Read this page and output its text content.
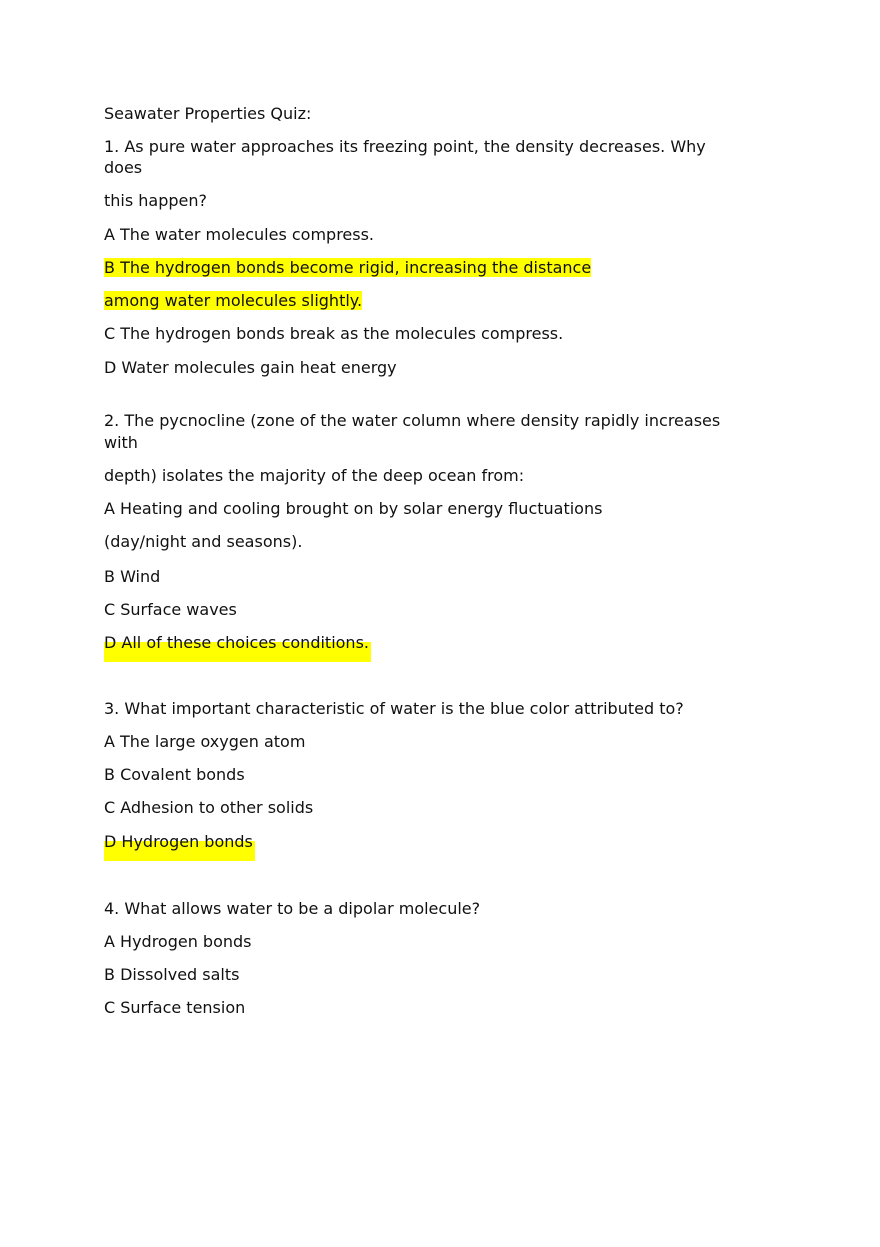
Seawater Properties Quiz:
1. As pure water approaches its freezing point, the density decreases. Why
does
this happen?
A The water molecules compress.
B The hydrogen bonds become rigid, increasing the distance
among water molecules slightly.
C The hydrogen bonds break as the molecules compress.
D Water molecules gain heat energy
2. The pycnocline (zone of the water column where density rapidly increases
with
depth) isolates the majority of the deep ocean from:
A Heating and cooling brought on by solar energy fluctuations
(day/night and seasons).
B Wind
C Surface waves
D All of these choices conditions.
3. What important characteristic of water is the blue color attributed to?
A The large oxygen atom
B Covalent bonds
C Adhesion to other solids
D Hydrogen bonds
4. What allows water to be a dipolar molecule?
A Hydrogen bonds
B Dissolved salts
C Surface tension
